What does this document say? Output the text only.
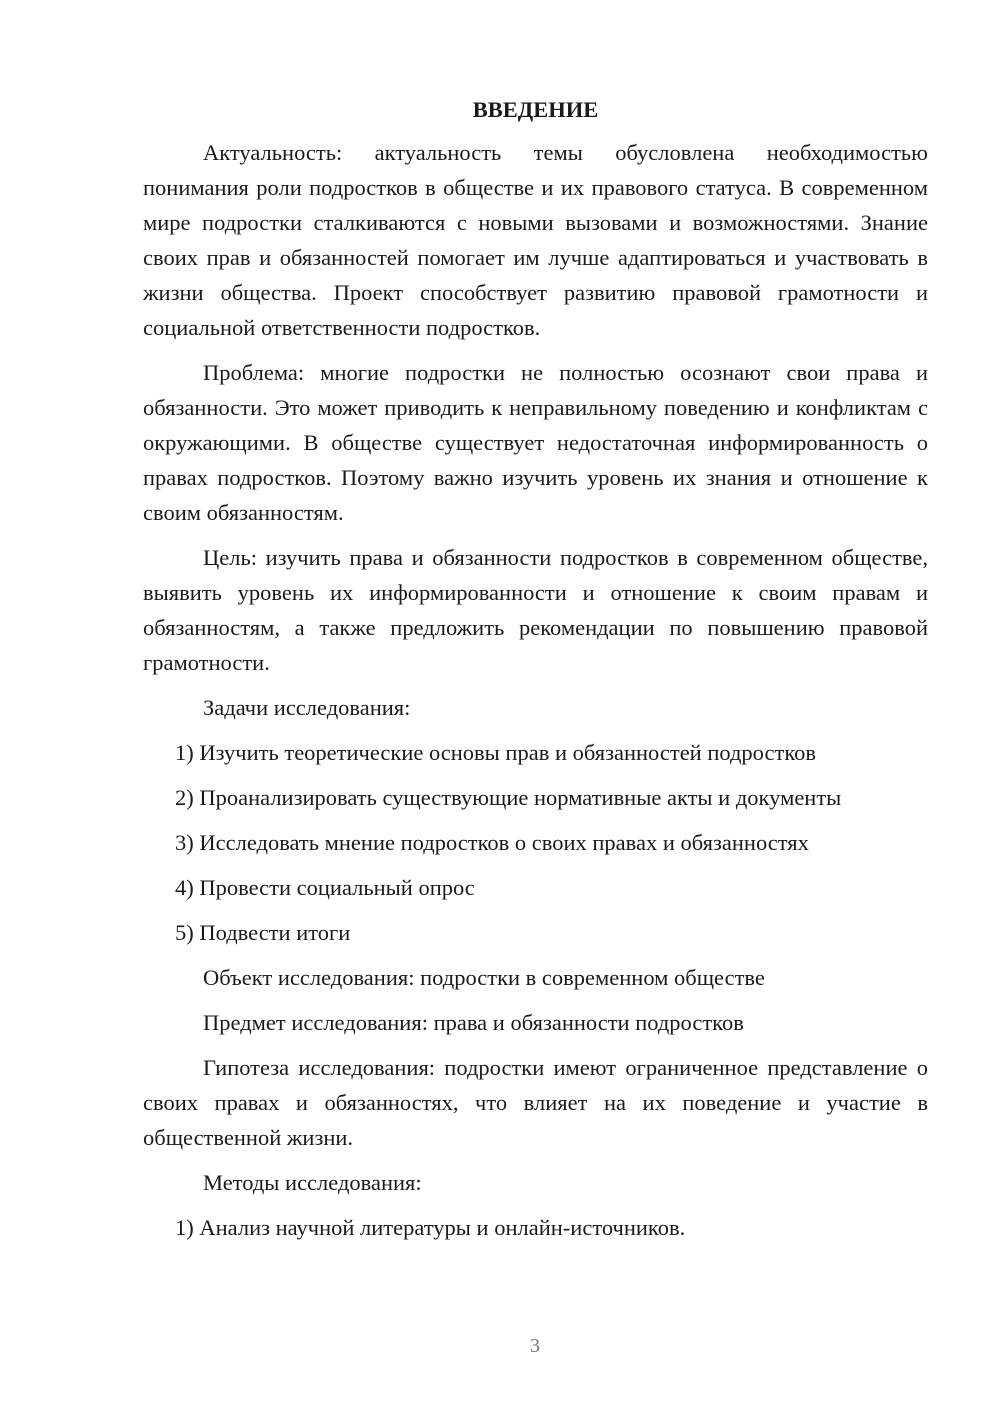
ВВЕДЕНИЕ

Актуальность: актуальность темы обусловлена необходимостью понимания роли подростков в обществе и их правового статуса. В современном мире подростки сталкиваются с новыми вызовами и возможностями. Знание своих прав и обязанностей помогает им лучше адаптироваться и участвовать в жизни общества. Проект способствует развитию правовой грамотности и социальной ответственности подростков.

Проблема: многие подростки не полностью осознают свои права и обязанности. Это может приводить к неправильному поведению и конфликтам с окружающими. В обществе существует недостаточная информированность о правах подростков. Поэтому важно изучить уровень их знания и отношение к своим обязанностям.

Цель: изучить права и обязанности подростков в современном обществе, выявить уровень их информированности и отношение к своим правам и обязанностям, а также предложить рекомендации по повышению правовой грамотности.

Задачи исследования:
1) Изучить теоретические основы прав и обязанностей подростков
2) Проанализировать существующие нормативные акты и документы
3) Исследовать мнение подростков о своих правах и обязанностях
4) Провести социальный опрос
5) Подвести итоги
Объект исследования: подростки в современном обществе
Предмет исследования: права и обязанности подростков

Гипотеза исследования: подростки имеют ограниченное представление о своих правах и обязанностях, что влияет на их поведение и участие в общественной жизни.

Методы исследования:
1) Анализ научной литературы и онлайн-источников.
3
